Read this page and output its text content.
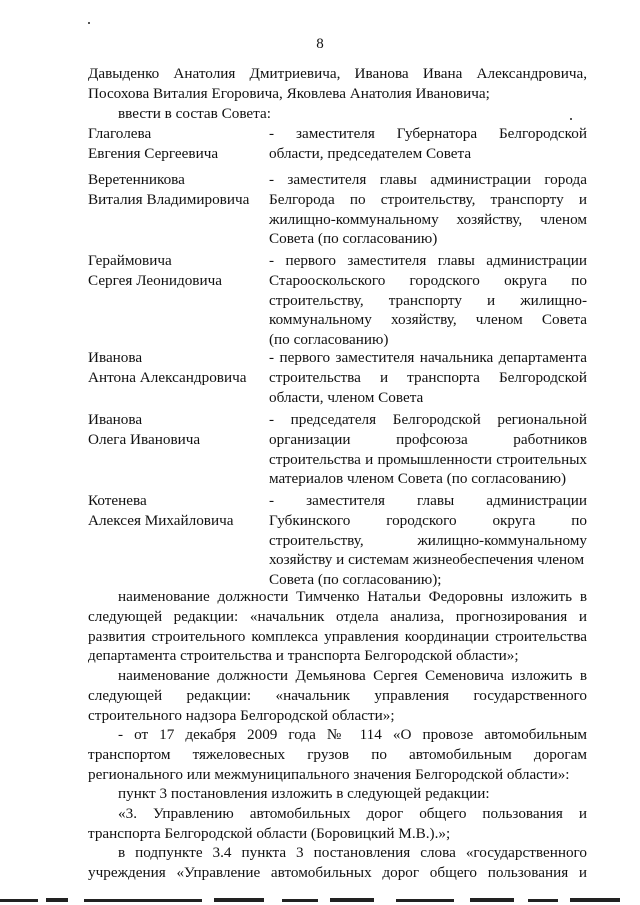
8
Давыденко Анатолия Дмитриевича, Иванова Ивана Александровича,
Посохова Виталия Егоровича, Яковлева Анатолия Ивановича;
ввести в состав Совета:
Глаголева
Евгения Сергеевича
- заместителя Губернатора Белгородской
области, председателем Совета
Веретенникова
Виталия Владимировича
- заместителя главы администрации города
Белгорода по строительству, транспорту и
жилищно-коммунальному хозяйству, членом
Совета (по согласованию)
Гераймовича
Сергея Леонидовича
- первого заместителя главы администрации
Старооскольского городского округа по
строительству, транспорту и жилищно-
коммунальному хозяйству, членом Совета
(по согласованию)
Иванова
Антона Александровича
- первого заместителя начальника департамента
строительства и транспорта Белгородской
области, членом Совета
Иванова
Олега Ивановича
- председателя Белгородской региональной
организации профсоюза работников
строительства и промышленности строительных
материалов членом Совета (по согласованию)
Котенева
Алексея Михайловича
- заместителя главы администрации
Губкинского городского округа по
строительству, жилищно-коммунальному
хозяйству и системам жизнеобеспечения членом
Совета (по согласованию);
наименование должности Тимченко Натальи Федоровны изложить в
следующей редакции: «начальник отдела анализа, прогнозирования и
развития строительного комплекса управления координации строительства
департамента строительства и транспорта Белгородской области»;
наименование должности Демьянова Сергея Семеновича изложить в
следующей редакции: «начальник управления государственного
строительного надзора Белгородской области»;
- от 17 декабря 2009 года № 114 «О провозе автомобильным
транспортом тяжеловесных грузов по автомобильным дорогам
регионального или межмуниципального значения Белгородской области»:
пункт 3 постановления изложить в следующей редакции:
«3. Управлению автомобильных дорог общего пользования и
транспорта Белгородской области (Боровицкий М.В.).»;
в подпункте 3.4 пункта 3 постановления слова «государственного
учреждения «Управление автомобильных дорог общего пользования и
